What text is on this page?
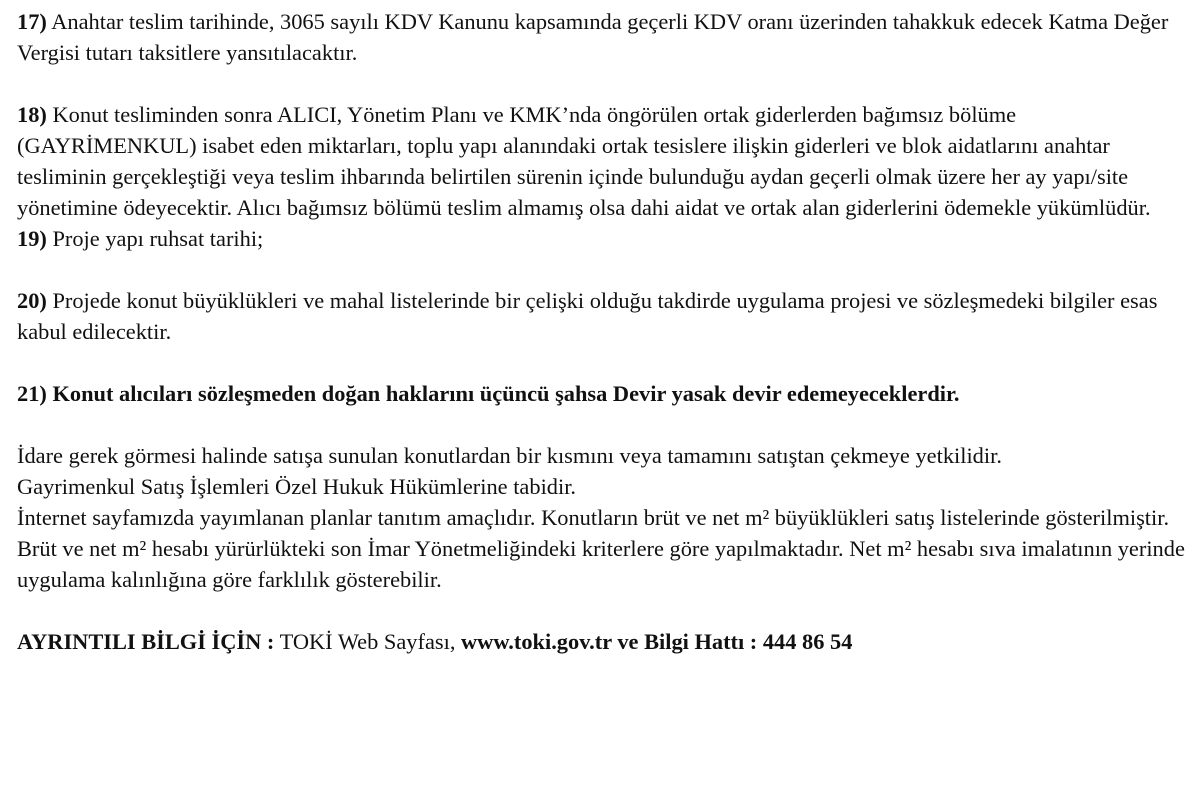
17) Anahtar teslim tarihinde, 3065 sayılı KDV Kanunu kapsamında geçerli KDV oranı üzerinden tahakkuk edecek Katma Değer Vergisi tutarı taksitlere yansıtılacaktır.

18) Konut tesliminden sonra ALICI, Yönetim Planı ve KMK’nda öngörülen ortak giderlerden bağımsız bölüme (GAYRİMENKUL) isabet eden miktarları, toplu yapı alanındaki ortak tesislere ilişkin giderleri ve blok aidatlarını anahtar tesliminin gerçekleştiği veya teslim ihbarında belirtilen sürenin içinde bulunduğu aydan geçerli olmak üzere her ay yapı/site yönetimine ödeyecektir. Alıcı bağımsız bölümü teslim almamış olsa dahi aidat ve ortak alan giderlerini ödemekle yükümlüdür.

19) Proje yapı ruhsat tarihi;

20) Projede konut büyüklükleri ve mahal listelerinde bir çelişki olduğu takdirde uygulama projesi ve sözleşmedeki bilgiler esas kabul edilecektir.

21) Konut alıcıları sözleşmeden doğan haklarını üçüncü şahsa Devir yasak devir edemeyeceklerdir.

İdare gerek görmesi halinde satışa sunulan konutlardan bir kısmını veya tamamını satıştan çekmeye yetkilidir.

Gayrimenkul Satış İşlemleri Özel Hukuk Hükümlerine tabidir.

İnternet sayfamızda yayımlanan planlar tanıtım amaçlıdır. Konutların brüt ve net m² büyüklükleri satış listelerinde gösterilmiştir. Brüt ve net m² hesabı yürürlükteki son İmar Yönetmeliğindeki kriterlere göre yapılmaktadır. Net m² hesabı sıva imalatının yerinde uygulama kalınlığına göre farklılık gösterebilir.

AYRINTILI BİLGİ İÇİN : TOKİ Web Sayfası, www.toki.gov.tr ve Bilgi Hattı : 444 86 54
